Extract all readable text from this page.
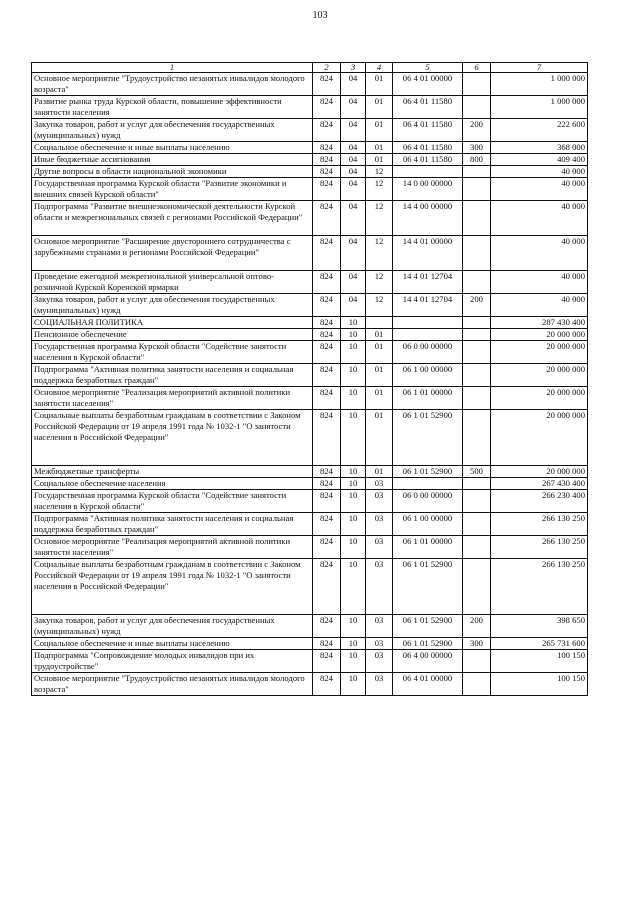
103
1	2	3	4	5	6	7
Основное мероприятие "Трудоустройство незанятых инвалидов молодого возраста"	824	04	01	06 4 01 00000		1 000 000
Развитие рынка труда Курской области, повышение эффективности занятости населения	824	04	01	06 4 01 11580		1 000 000
Закупка товаров, работ и услуг для обеспечения государственных (муниципальных) нужд	824	04	01	06 4 01 11580	200	222 600
Социальное обеспечение и иные выплаты населению	824	04	01	06 4 01 11580	300	368 000
Иные бюджетные ассигнования	824	04	01	06 4 01 11580	800	409 400
Другие вопросы в области национальной экономики	824	04	12			40 000
Государственная программа Курской области "Развитие экономики и внешних связей Курской области"	824	04	12	14 0 00 00000		40 000
Подпрограмма "Развитие внешнеэкономической деятельности Курской области и межрегиональных связей с регионами Российской Федерации"	824	04	12	14 4 00 00000		40 000
Основное мероприятие "Расширение двустороннего сотрудничества с зарубежными странами и регионами Российской Федерации"	824	04	12	14 4 01 00000		40 000
Проведение ежегодной межрегиональной универсальной оптово-розничной Курской Коренской ярмарки	824	04	12	14 4 01 12704		40 000
Закупка товаров, работ и услуг для обеспечения государственных (муниципальных) нужд	824	04	12	14 4 01 12704	200	40 000
СОЦИАЛЬНАЯ ПОЛИТИКА	824	10				287 430 400
Пенсионное обеспечение	824	10	01			20 000 000
Государственная программа Курской области "Содействие занятости населения в Курской области"	824	10	01	06 0 00 00000		20 000 000
Подпрограмма "Активная политика занятости населения и социальная поддержка безработных граждан"	824	10	01	06 1 00 00000		20 000 000
Основное мероприятие "Реализация мероприятий активной политики занятости населения"	824	10	01	06 1 01 00000		20 000 000
Социальные выплаты безработным гражданам в соответствии с Законом Российской Федерации от 19 апреля 1991 года № 1032-1 "О занятости населения в Российской Федерации"	824	10	01	06 1 01 52900		20 000 000
Межбюджетные трансферты	824	10	01	06 1 01 52900	500	20 000 000
Социальное обеспечение населения	824	10	03			267 430 400
Государственная программа Курской области "Содействие занятости населения в Курской области"	824	10	03	06 0 00 00000		266 230 400
Подпрограмма "Активная политика занятости населения и социальная поддержка безработных граждан"	824	10	03	06 1 00 00000		266 130 250
Основное мероприятие "Реализация мероприятий активной политики занятости населения"	824	10	03	06 1 01 00000		266 130 250
Социальные выплаты безработным гражданам в соответствии с Законом Российской Федерации от 19 апреля 1991 года № 1032-1 "О занятости населения в Российской Федерации"	824	10	03	06 1 01 52900		266 130 250
Закупка товаров, работ и услуг для обеспечения государственных (муниципальных) нужд	824	10	03	06 1 01 52900	200	398 650
Социальное обеспечение и иные выплаты населению	824	10	03	06 1 01 52900	300	265 731 600
Подпрограмма "Сопровождение молодых инвалидов при их трудоустройстве"	824	10	03	06 4 00 00000		100 150
Основное мероприятие "Трудоустройство незанятых инвалидов молодого возраста"	824	10	03	06 4 01 00000		100 150
